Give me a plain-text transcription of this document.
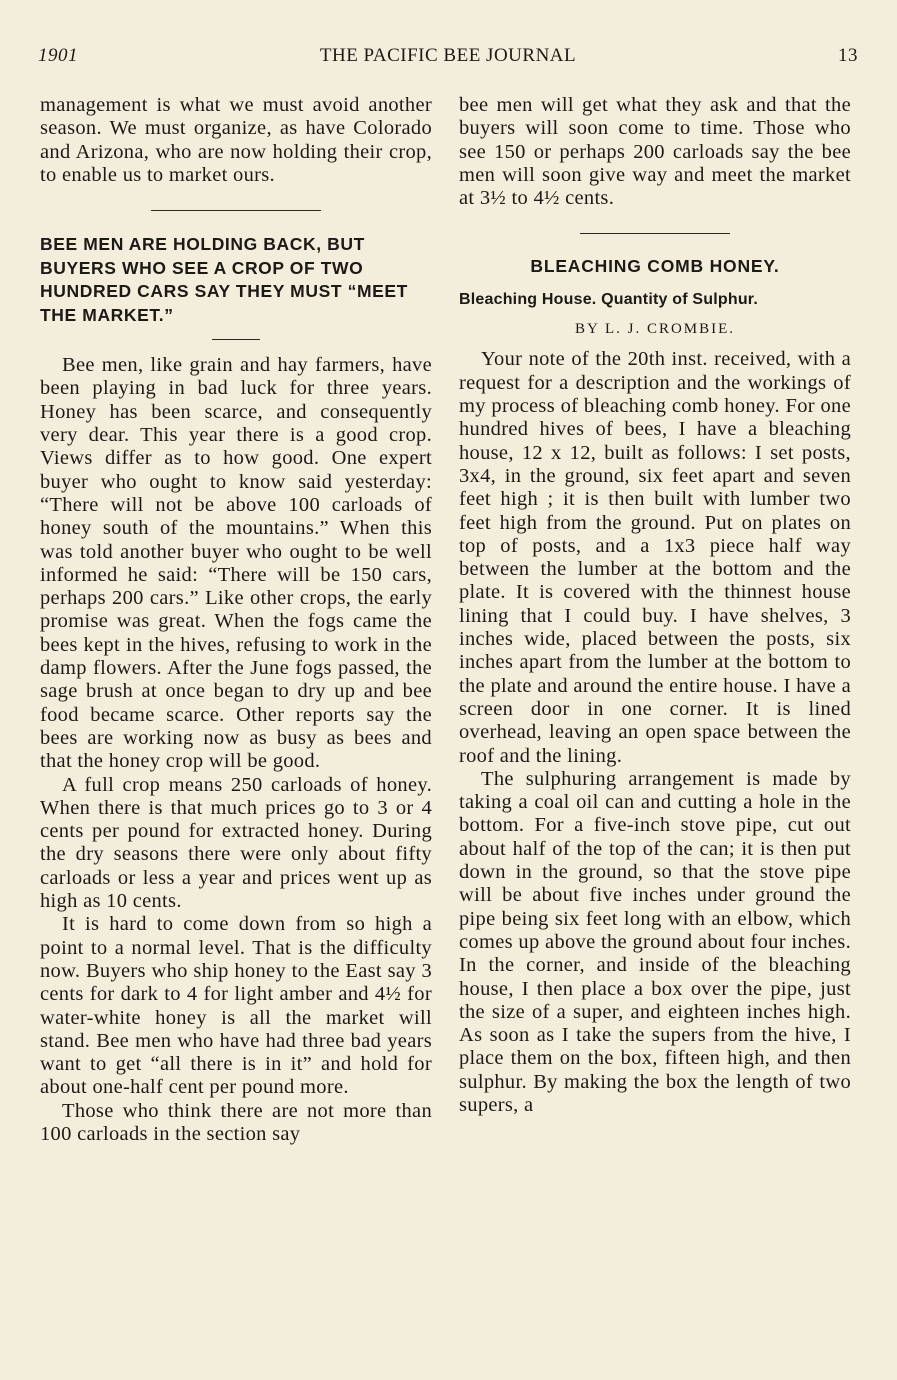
1901	THE PACIFIC BEE JOURNAL	13

management is what we must avoid another season. We must organize, as have Colorado and Arizona, who are now holding their crop, to enable us to market ours.

BEE MEN ARE HOLDING BACK, BUT BUYERS WHO SEE A CROP OF TWO HUNDRED CARS SAY THEY MUST “MEET THE MARKET.”

Bee men, like grain and hay farmers, have been playing in bad luck for three years. Honey has been scarce, and consequently very dear. This year there is a good crop. Views differ as to how good. One expert buyer who ought to know said yesterday: “There will not be above 100 carloads of honey south of the mountains.” When this was told another buyer who ought to be well informed he said: “There will be 150 cars, perhaps 200 cars.” Like other crops, the early promise was great. When the fogs came the bees kept in the hives, refusing to work in the damp flowers. After the June fogs passed, the sage brush at once began to dry up and bee food became scarce. Other reports say the bees are working now as busy as bees and that the honey crop will be good.

A full crop means 250 carloads of honey. When there is that much prices go to 3 or 4 cents per pound for extracted honey. During the dry seasons there were only about fifty carloads or less a year and prices went up as high as 10 cents.

It is hard to come down from so high a point to a normal level. That is the difficulty now. Buyers who ship honey to the East say 3 cents for dark to 4 for light amber and 4½ for water-white honey is all the market will stand. Bee men who have had three bad years want to get “all there is in it” and hold for about one-half cent per pound more.

Those who think there are not more than 100 carloads in the section say

bee men will get what they ask and that the buyers will soon come to time. Those who see 150 or perhaps 200 carloads say the bee men will soon give way and meet the market at 3½ to 4½ cents.

BLEACHING COMB HONEY.
Bleaching House. Quantity of Sulphur.
BY L. J. CROMBIE.

Your note of the 20th inst. received, with a request for a description and the workings of my process of bleaching comb honey. For one hundred hives of bees, I have a bleaching house, 12 x 12, built as follows: I set posts, 3x4, in the ground, six feet apart and seven feet high ; it is then built with lumber two feet high from the ground. Put on plates on top of posts, and a 1x3 piece half way between the lumber at the bottom and the plate. It is covered with the thinnest house lining that I could buy. I have shelves, 3 inches wide, placed between the posts, six inches apart from the lumber at the bottom to the plate and around the entire house. I have a screen door in one corner. It is lined overhead, leaving an open space between the roof and the lining.

The sulphuring arrangement is made by taking a coal oil can and cutting a hole in the bottom. For a five-inch stove pipe, cut out about half of the top of the can; it is then put down in the ground, so that the stove pipe will be about five inches under ground the pipe being six feet long with an elbow, which comes up above the ground about four inches. In the corner, and inside of the bleaching house, I then place a box over the pipe, just the size of a super, and eighteen inches high. As soon as I take the supers from the hive, I place them on the box, fifteen high, and then sulphur. By making the box the length of two supers, a
